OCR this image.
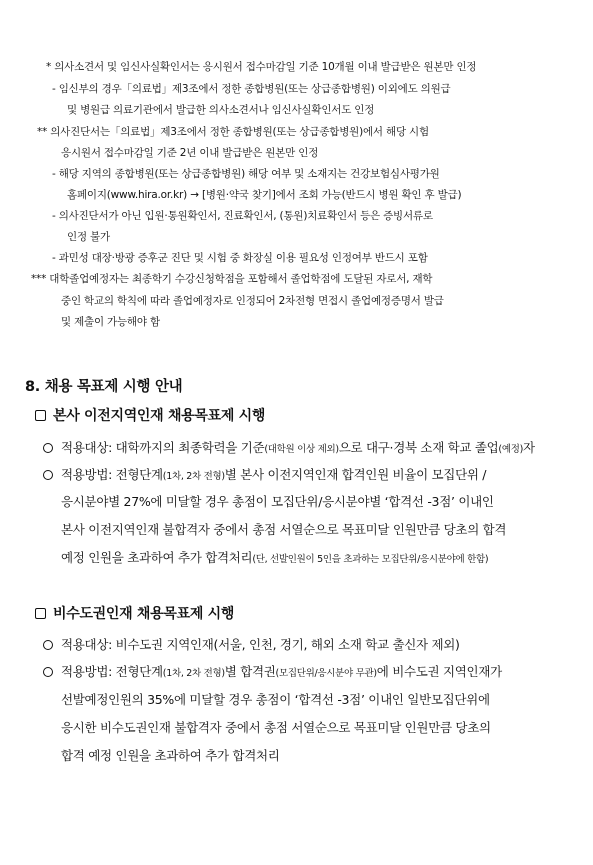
* 의사소견서 및 임신사실확인서는 응시원서 접수마감일 기준 10개월 이내 발급받은 원본만 인정
- 임신부의 경우「의료법」제3조에서 정한 종합병원(또는 상급종합병원) 이외에도 의원급
및 병원급 의료기관에서 발급한 의사소견서나 임신사실확인서도 인정
** 의사진단서는「의료법」제3조에서 정한 종합병원(또는 상급종합병원)에서 해당 시험
응시원서 접수마감일 기준 2년 이내 발급받은 원본만 인정
- 해당 지역의 종합병원(또는 상급종합병원) 해당 여부 및 소재지는 건강보험심사평가원
홈페이지(www.hira.or.kr) → [병원·약국 찾기]에서 조회 가능(반드시 병원 확인 후 발급)
- 의사진단서가 아닌 입원·통원확인서, 진료확인서, (통원)치료확인서 등은 증빙서류로
인정 불가
- 과민성 대장·방광 증후군 진단 및 시험 중 화장실 이용 필요성 인정여부 반드시 포함
*** 대학졸업예정자는 최종학기 수강신청학점을 포함해서 졸업학점에 도달된 자로서, 재학
중인 학교의 학칙에 따라 졸업예정자로 인정되어 2차전형 면접시 졸업예정증명서 발급
및 제출이 가능해야 함
8. 채용 목표제 시행 안내
본사 이전지역인재 채용목표제 시행
적용대상: 대학까지의 최종학력을 기준(대학원 이상 제외)으로 대구·경북 소재 학교 졸업(예정)자
적용방법: 전형단계(1차, 2차 전형)별 본사 이전지역인재 합격인원 비율이 모집단위 /
응시분야별 27%에 미달할 경우 총점이 모집단위/응시분야별 ‘합격선 -3점’ 이내인
본사 이전지역인재 불합격자 중에서 총점 서열순으로 목표미달 인원만큼 당초의 합격
예정 인원을 초과하여 추가 합격처리(단, 선발인원이 5인을 초과하는 모집단위/응시분야에 한함)
비수도권인재 채용목표제 시행
적용대상: 비수도권 지역인재(서울, 인천, 경기, 해외 소재 학교 출신자 제외)
적용방법: 전형단계(1차, 2차 전형)별 합격권(모집단위/응시분야 무관)에 비수도권 지역인재가
선발예정인원의 35%에 미달할 경우 총점이 ‘합격선 -3점’ 이내인 일반모집단위에
응시한 비수도권인재 불합격자 중에서 총점 서열순으로 목표미달 인원만큼 당초의
합격 예정 인원을 초과하여 추가 합격처리
